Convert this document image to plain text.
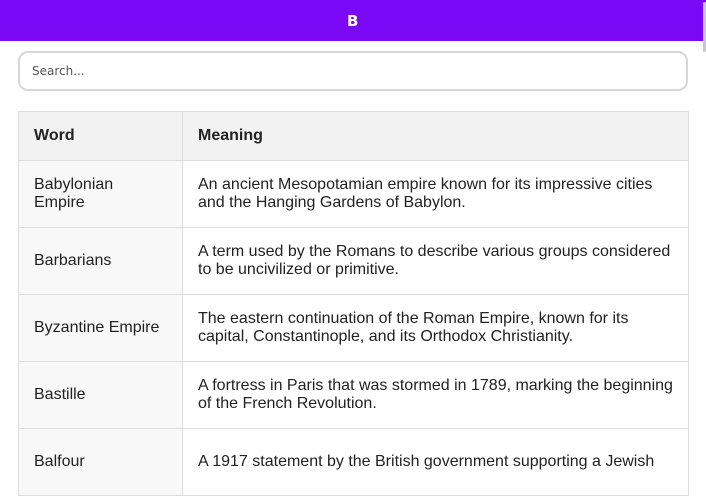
B
Search...
Word	Meaning
Babylonian Empire	An ancient Mesopotamian empire known for its impressive cities and the Hanging Gardens of Babylon.
Barbarians	A term used by the Romans to describe various groups considered to be uncivilized or primitive.
Byzantine Empire	The eastern continuation of the Roman Empire, known for its capital, Constantinople, and its Orthodox Christianity.
Bastille	A fortress in Paris that was stormed in 1789, marking the beginning of the French Revolution.
Balfour	A 1917 statement by the British government supporting a Jewish
